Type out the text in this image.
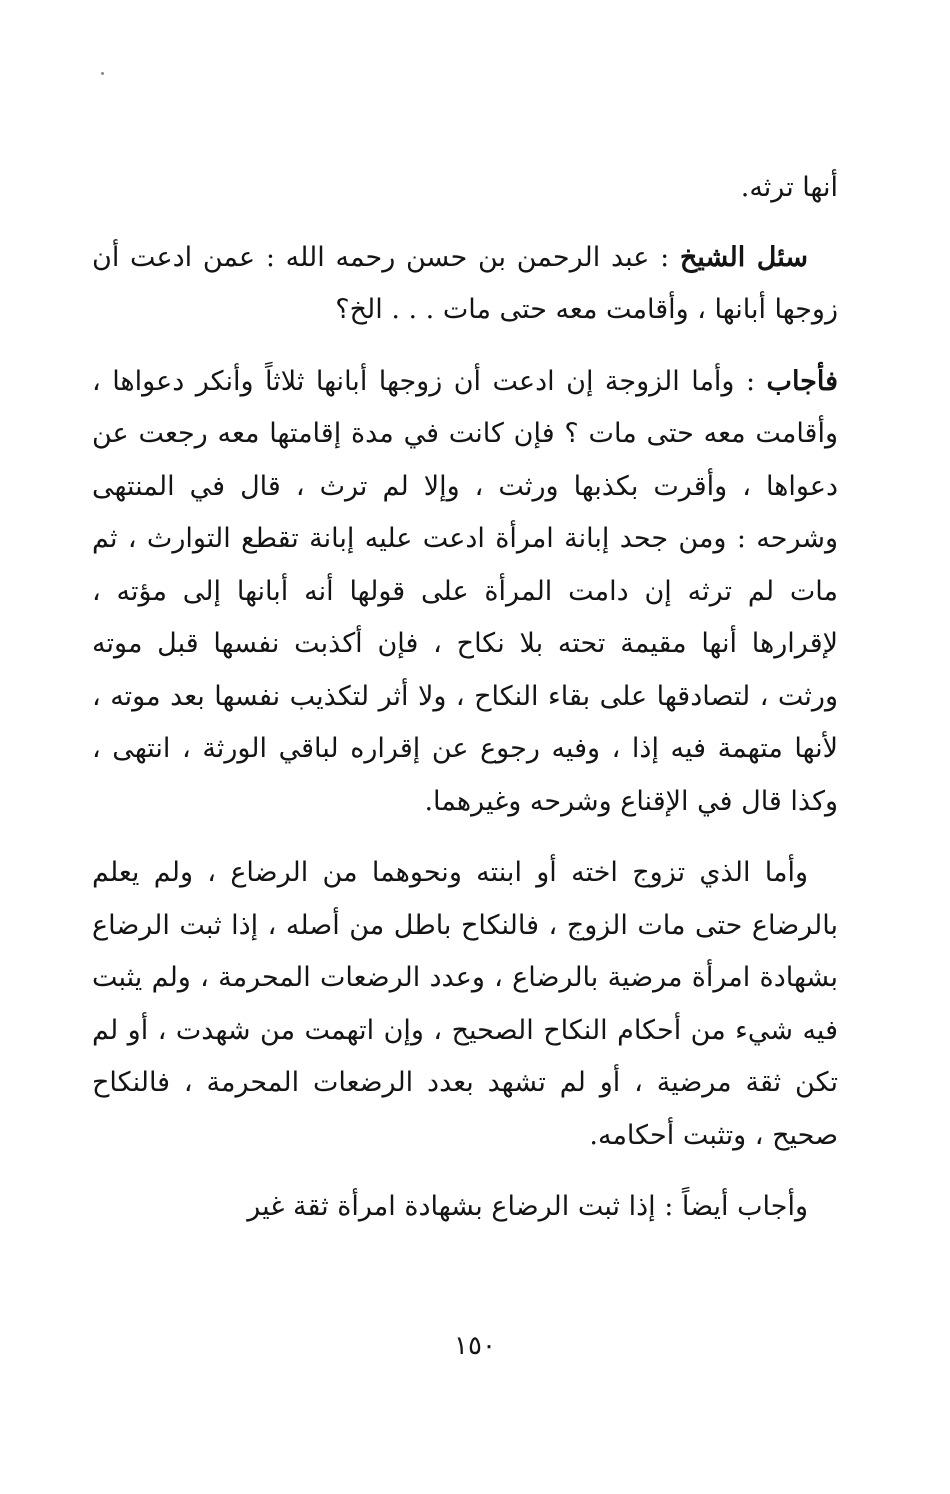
أنها ترثه.

سئل الشيخ : عبد الرحمن بن حسن رحمه الله : عمن ادعت أن زوجها أبانها ، وأقامت معه حتى مات . . . الخ؟

فأجاب : وأما الزوجة إن ادعت أن زوجها أبانها ثلاثاً وأنكر دعواها ، وأقامت معه حتى مات ؟ فإن كانت في مدة إقامتها معه رجعت عن دعواها ، وأقرت بكذبها ورثت ، وإلا لم ترث ، قال في المنتهى وشرحه : ومن جحد إبانة امرأة ادعت عليه إبانة تقطع التوارث ، ثم مات لم ترثه إن دامت المرأة على قولها أنه أبانها إلى مؤته ، لإقرارها أنها مقيمة تحته بلا نكاح ، فإن أكذبت نفسها قبل موته ورثت ، لتصادقها على بقاء النكاح ، ولا أثر لتكذيب نفسها بعد موته ، لأنها متهمة فيه إذا ، وفيه رجوع عن إقراره لباقي الورثة ، انتهى ، وكذا قال في الإقناع وشرحه وغيرهما.

وأما الذي تزوج اخته أو ابنته ونحوهما من الرضاع ، ولم يعلم بالرضاع حتى مات الزوج ، فالنكاح باطل من أصله ، إذا ثبت الرضاع بشهادة امرأة مرضية بالرضاع ، وعدد الرضعات المحرمة ، ولم يثبت فيه شيء من أحكام النكاح الصحيح ، وإن اتهمت من شهدت ، أو لم تكن ثقة مرضية ، أو لم تشهد بعدد الرضعات المحرمة ، فالنكاح صحيح ، وتثبت أحكامه.

وأجاب أيضاً : إذا ثبت الرضاع بشهادة امرأة ثقة غير

١٥٠
